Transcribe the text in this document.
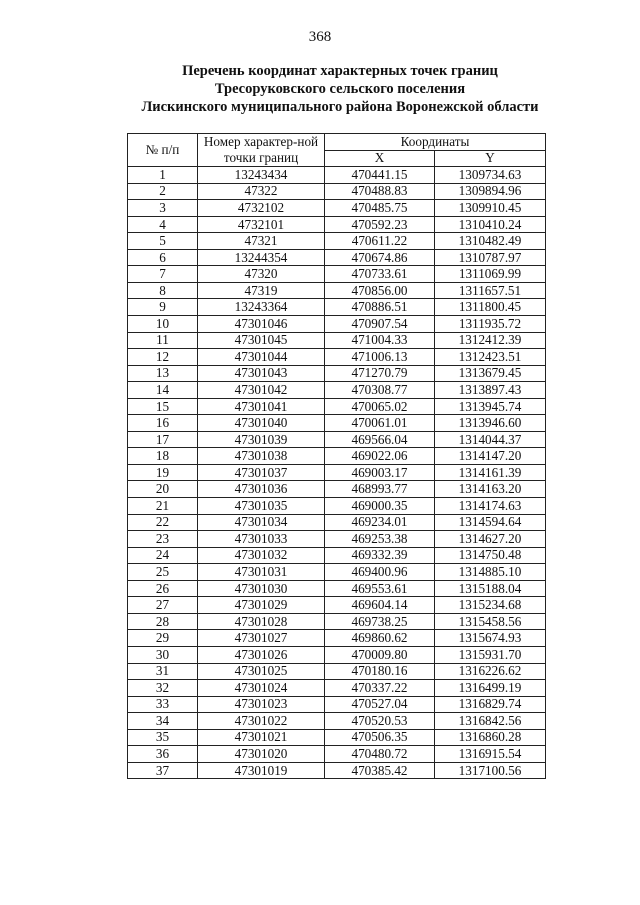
368
Перечень координат характерных точек границ
Тресоруковского сельского поселения
Лискинского муниципального района Воронежской области
№ п/п	Номер характер-ной точки границ	Координаты	
		X	Y
1	13243434	470441.15	1309734.63
2	47322	470488.83	1309894.96
3	4732102	470485.75	1309910.45
4	4732101	470592.23	1310410.24
5	47321	470611.22	1310482.49
6	13244354	470674.86	1310787.97
7	47320	470733.61	1311069.99
8	47319	470856.00	1311657.51
9	13243364	470886.51	1311800.45
10	47301046	470907.54	1311935.72
11	47301045	471004.33	1312412.39
12	47301044	471006.13	1312423.51
13	47301043	471270.79	1313679.45
14	47301042	470308.77	1313897.43
15	47301041	470065.02	1313945.74
16	47301040	470061.01	1313946.60
17	47301039	469566.04	1314044.37
18	47301038	469022.06	1314147.20
19	47301037	469003.17	1314161.39
20	47301036	468993.77	1314163.20
21	47301035	469000.35	1314174.63
22	47301034	469234.01	1314594.64
23	47301033	469253.38	1314627.20
24	47301032	469332.39	1314750.48
25	47301031	469400.96	1314885.10
26	47301030	469553.61	1315188.04
27	47301029	469604.14	1315234.68
28	47301028	469738.25	1315458.56
29	47301027	469860.62	1315674.93
30	47301026	470009.80	1315931.70
31	47301025	470180.16	1316226.62
32	47301024	470337.22	1316499.19
33	47301023	470527.04	1316829.74
34	47301022	470520.53	1316842.56
35	47301021	470506.35	1316860.28
36	47301020	470480.72	1316915.54
37	47301019	470385.42	1317100.56
